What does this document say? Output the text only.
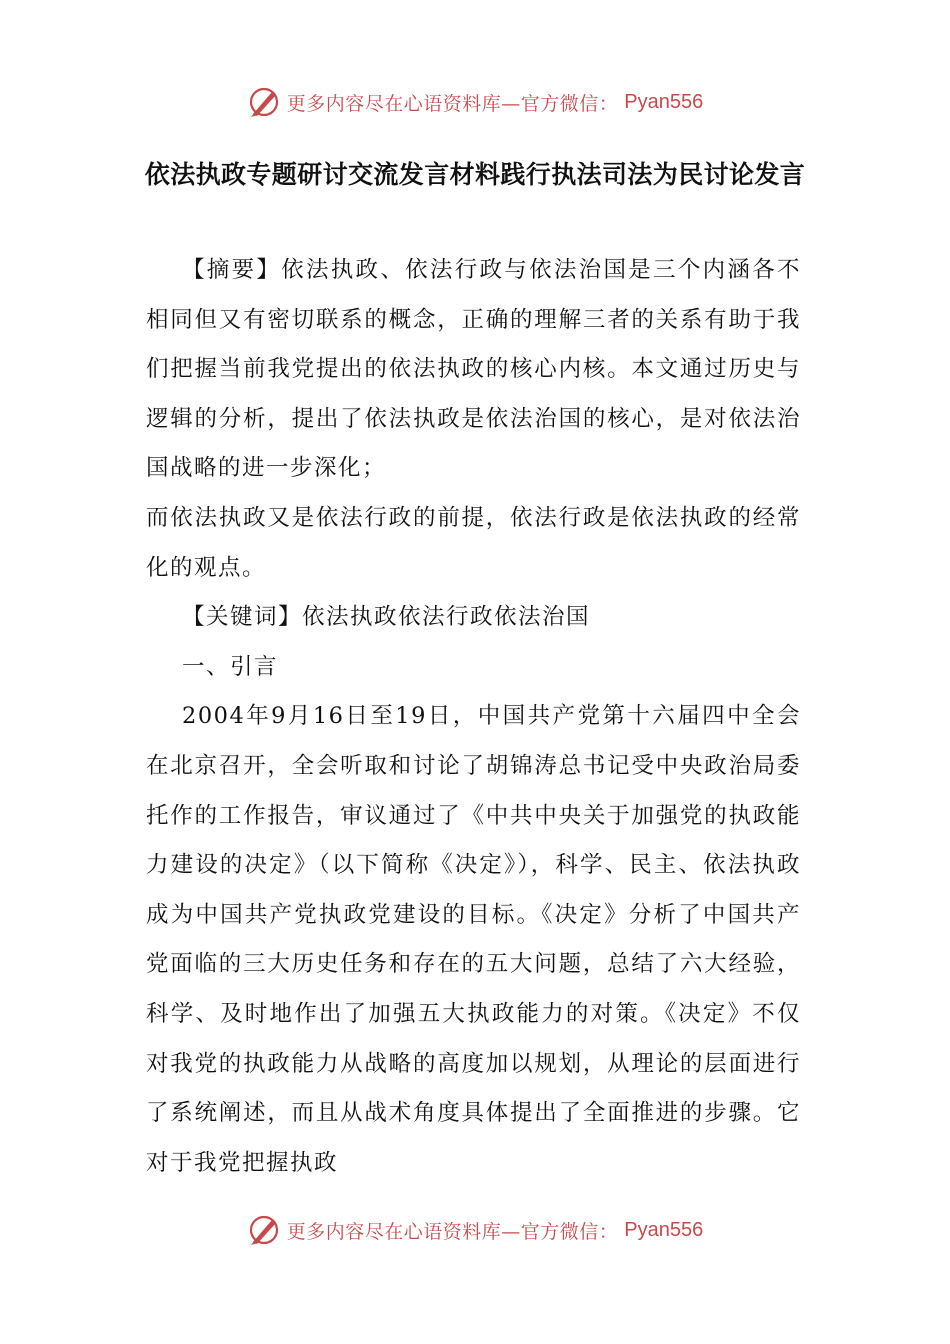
更多内容尽在心语资料库—官方微信： Pyan556
依法执政专题研讨交流发言材料践行执法司法为民讨论发言

【摘要】依法执政、依法行政与依法治国是三个内涵各不相同但又有密切联系的概念，正确的理解三者的关系有助于我们把握当前我党提出的依法执政的核心内核。本文通过历史与逻辑的分析，提出了依法执政是依法治国的核心，是对依法治国战略的进一步深化；

而依法执政又是依法行政的前提，依法行政是依法执政的经常化的观点。

【关键词】依法执政依法行政依法治国

一、引言

2004年9月16日至19日，中国共产党第十六届四中全会在北京召开，全会听取和讨论了胡锦涛总书记受中央政治局委托作的工作报告，审议通过了《中共中央关于加强党的执政能力建设的决定》（以下简称《决定》），科学、民主、依法执政成为中国共产党执政党建设的目标。《决定》分析了中国共产党面临的三大历史任务和存在的五大问题，总结了六大经验，科学、及时地作出了加强五大执政能力的对策。《决定》不仅对我党的执政能力从战略的高度加以规划，从理论的层面进行了系统阐述，而且从战术角度具体提出了全面推进的步骤。它对于我党把握执政

更多内容尽在心语资料库—官方微信： Pyan556
